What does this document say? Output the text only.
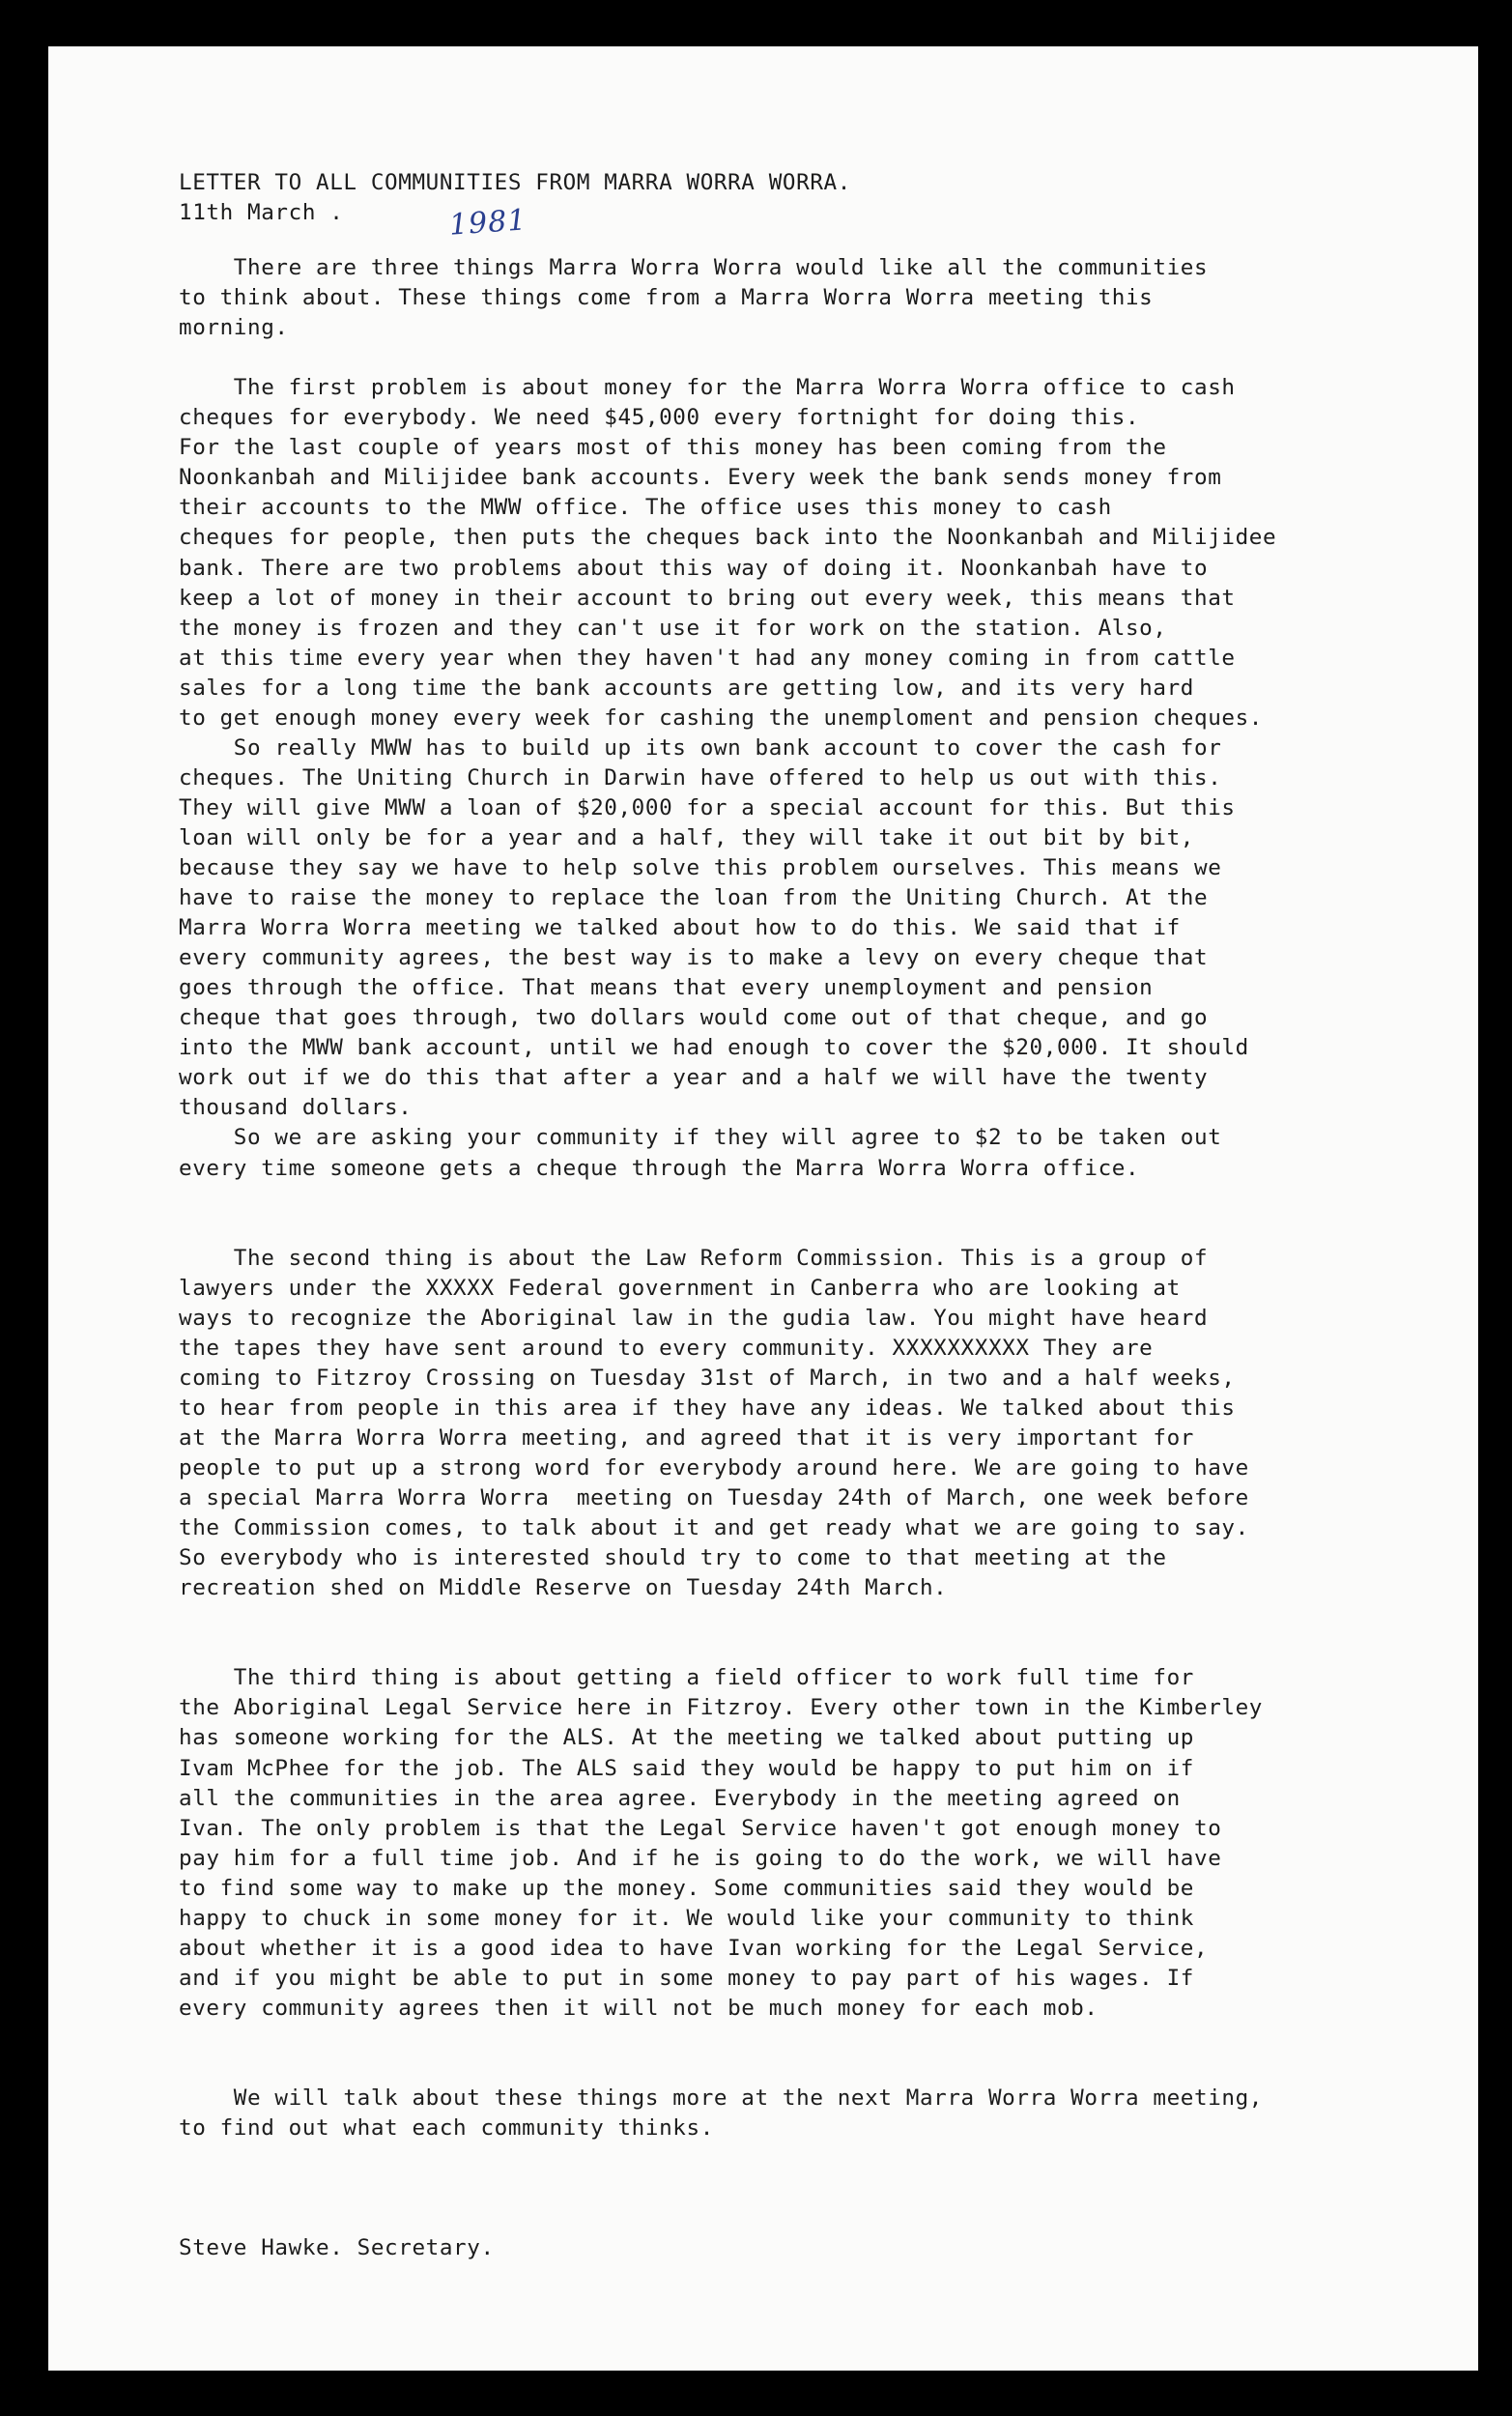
LETTER TO ALL COMMUNITIES FROM MARRA WORRA WORRA.
11th March .
There are three things Marra Worra Worra would like all the communities
to think about. These things come from a Marra Worra Worra meeting this
morning.
The first problem is about money for the Marra Worra Worra office to cash
cheques for everybody. We need $45,000 every fortnight for doing this.
For the last couple of years most of this money has been coming from the
Noonkanbah and Milijidee bank accounts. Every week the bank sends money from
their accounts to the MWW office. The office uses this money to cash
cheques for people, then puts the cheques back into the Noonkanbah and Milijidee
bank. There are two problems about this way of doing it. Noonkanbah have to
keep a lot of money in their account to bring out every week, this means that
the money is frozen and they can't use it for work on the station. Also,
at this time every year when they haven't had any money coming in from cattle
sales for a long time the bank accounts are getting low, and its very hard
to get enough money every week for cashing the unemploment and pension cheques.
So really MWW has to build up its own bank account to cover the cash for
cheques. The Uniting Church in Darwin have offered to help us out with this.
They will give MWW a loan of $20,000 for a special account for this. But this
loan will only be for a year and a half, they will take it out bit by bit,
because they say we have to help solve this problem ourselves. This means we
have to raise the money to replace the loan from the Uniting Church. At the
Marra Worra Worra meeting we talked about how to do this. We said that if
every community agrees, the best way is to make a levy on every cheque that
goes through the office. That means that every unemployment and pension
cheque that goes through, two dollars would come out of that cheque, and go
into the MWW bank account, until we had enough to cover the $20,000. It should
work out if we do this that after a year and a half we will have the twenty
thousand dollars.
So we are asking your community if they will agree to $2 to be taken out
every time someone gets a cheque through the Marra Worra Worra office.
The second thing is about the Law Reform Commission. This is a group of
lawyers under the XXXXX Federal government in Canberra who are looking at
ways to recognize the Aboriginal law in the gudia law. You might have heard
the tapes they have sent around to every community. XXXXXXXXXX They are
coming to Fitzroy Crossing on Tuesday 31st of March, in two and a half weeks,
to hear from people in this area if they have any ideas. We talked about this
at the Marra Worra Worra meeting, and agreed that it is very important for
people to put up a strong word for everybody around here. We are going to have
a special Marra Worra Worra  meeting on Tuesday 24th of March, one week before
the Commission comes, to talk about it and get ready what we are going to say.
So everybody who is interested should try to come to that meeting at the
recreation shed on Middle Reserve on Tuesday 24th March.
The third thing is about getting a field officer to work full time for
the Aboriginal Legal Service here in Fitzroy. Every other town in the Kimberley
has someone working for the ALS. At the meeting we talked about putting up
Ivam McPhee for the job. The ALS said they would be happy to put him on if
all the communities in the area agree. Everybody in the meeting agreed on
Ivan. The only problem is that the Legal Service haven't got enough money to
pay him for a full time job. And if he is going to do the work, we will have
to find some way to make up the money. Some communities said they would be
happy to chuck in some money for it. We would like your community to think
about whether it is a good idea to have Ivan working for the Legal Service,
and if you might be able to put in some money to pay part of his wages. If
every community agrees then it will not be much money for each mob.
We will talk about these things more at the next Marra Worra Worra meeting,
to find out what each community thinks.
Steve Hawke. Secretary.
1981
